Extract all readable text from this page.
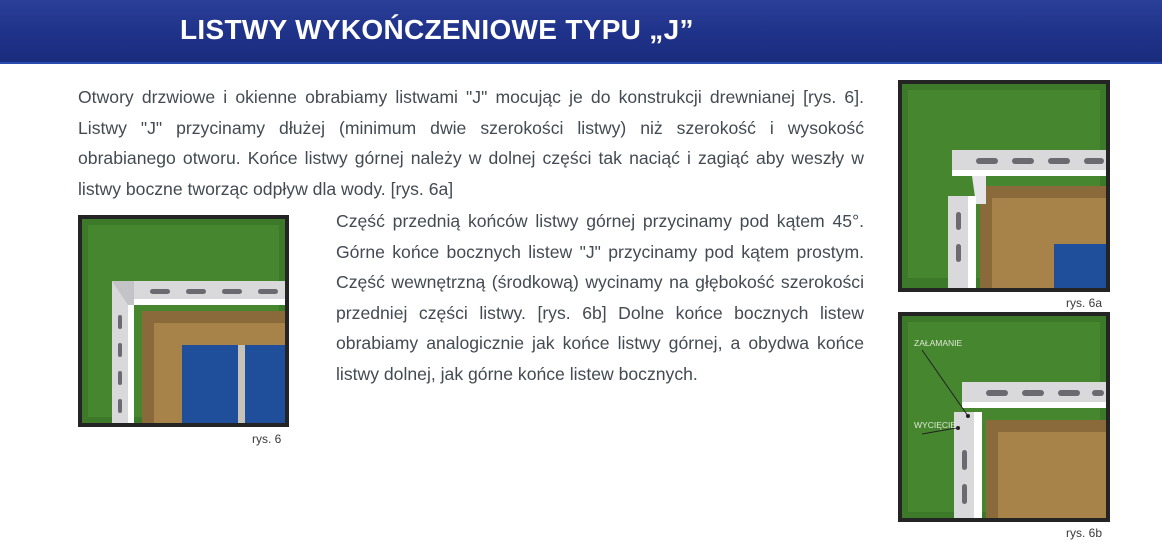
LISTWY WYKOŃCZENIOWE TYPU „J”

Otwory drzwiowe i okienne obrabiamy listwami "J" mocując je do konstrukcji drewnianej [rys. 6]. Listwy "J" przycinamy dłużej (minimum dwie szerokości listwy) niż szerokość i wysokość obrabianego otworu. Końce listwy górnej należy w dolnej części tak naciąć i zagiąć aby weszły w listwy boczne tworząc odpływ dla wody. [rys. 6a]

Część przednią końców listwy górnej przycinamy pod kątem 45°. Górne końce bocznych listew "J" przycinamy pod kątem prostym. Część wewnętrzną (środkową) wycinamy na głębokość szerokości przedniej części listwy. [rys. 6b] Dolne końce bocznych listew obrabiamy analogicznie jak końce listwy górnej, a obydwa końce listwy dolnej, jak górne końce listew bocznych.

rys. 6
rys. 6a
ZAŁAMANIE
WYCIĘCIE
rys. 6b
